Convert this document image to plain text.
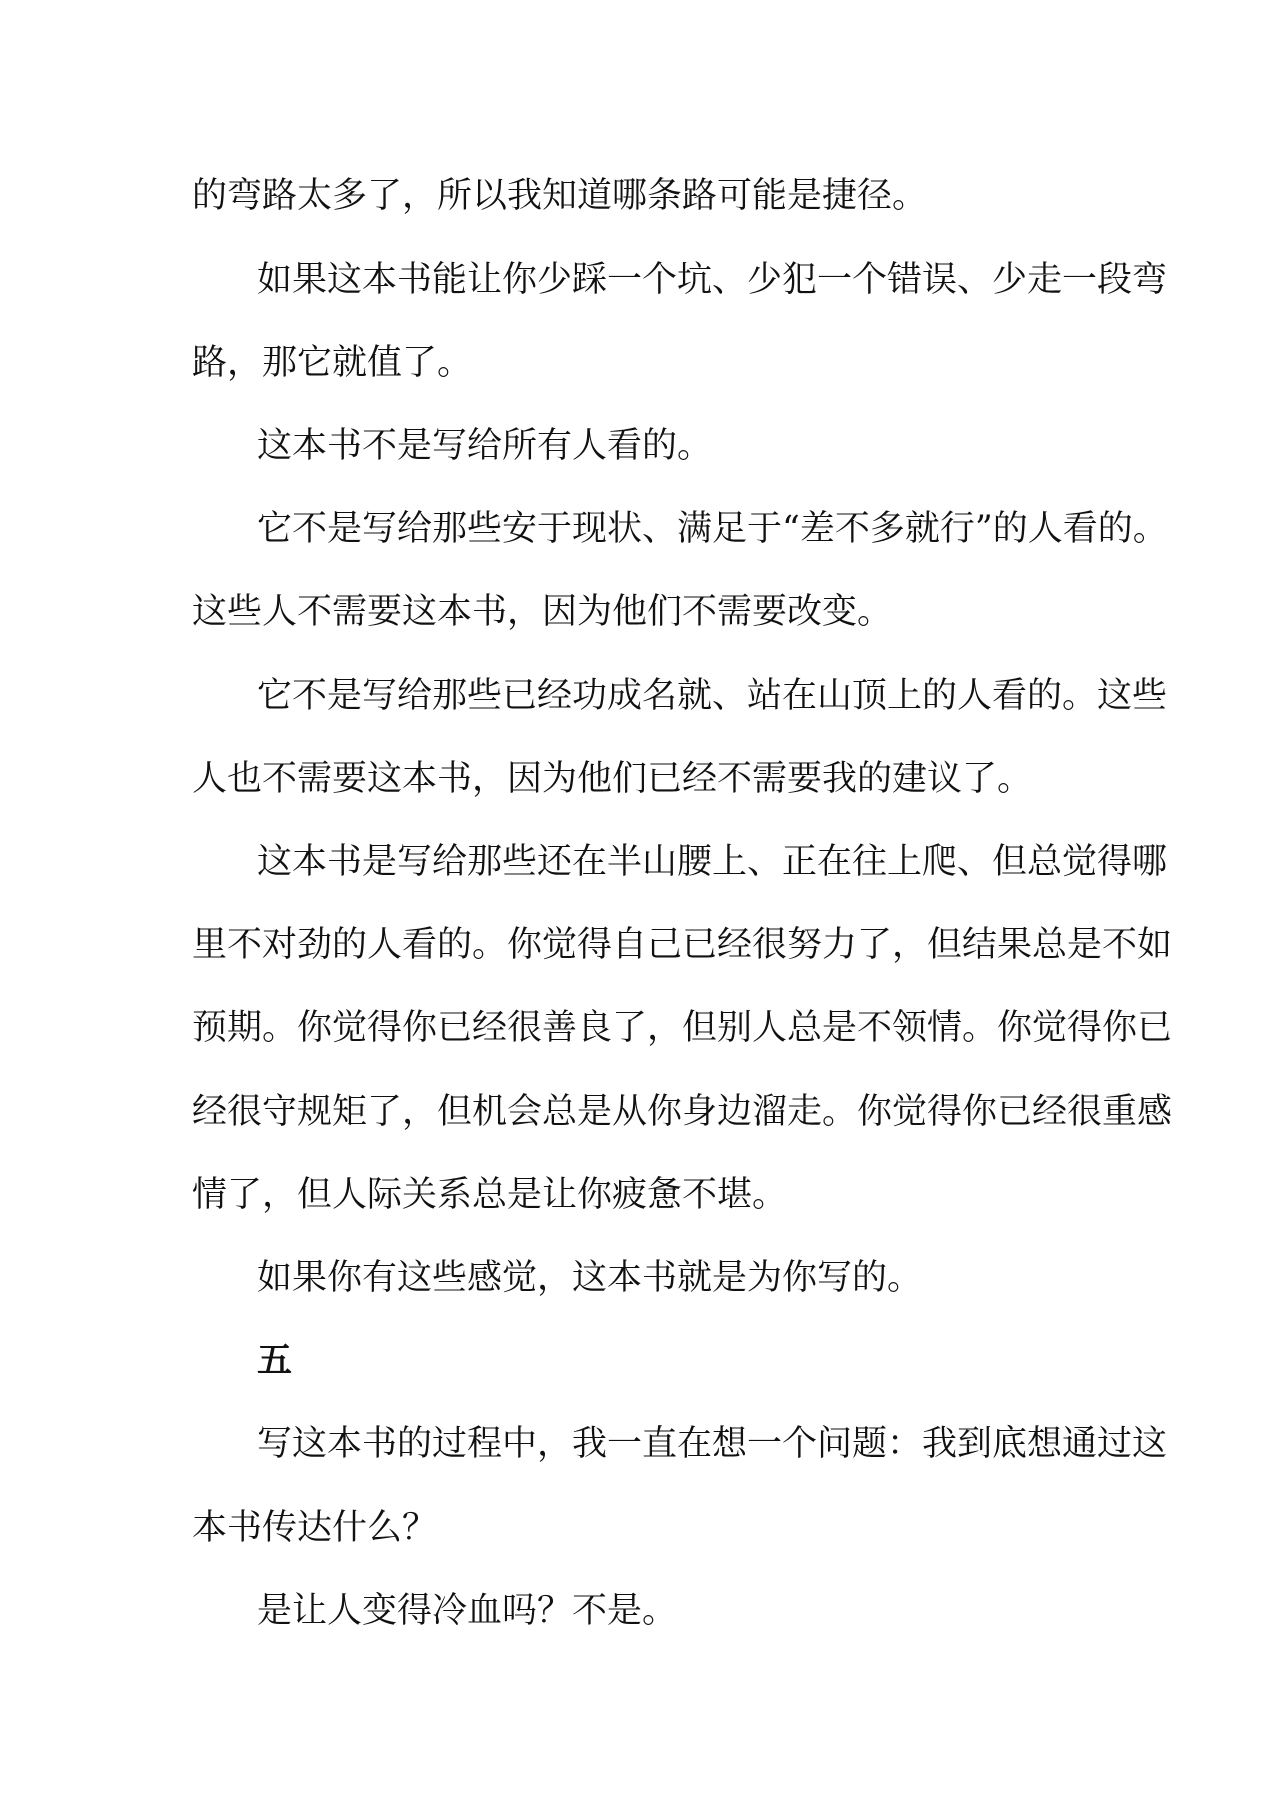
的弯路太多了，所以我知道哪条路可能是捷径。
如果这本书能让你少踩一个坑、少犯一个错误、少走一段弯
路，那它就值了。
这本书不是写给所有人看的。
它不是写给那些安于现状、满足于“差不多就行”的人看的。
这些人不需要这本书，因为他们不需要改变。
它不是写给那些已经功成名就、站在山顶上的人看的。这些
人也不需要这本书，因为他们已经不需要我的建议了。
这本书是写给那些还在半山腰上、正在往上爬、但总觉得哪
里不对劲的人看的。你觉得自己已经很努力了，但结果总是不如
预期。你觉得你已经很善良了，但别人总是不领情。你觉得你已
经很守规矩了，但机会总是从你身边溜走。你觉得你已经很重感
情了，但人际关系总是让你疲惫不堪。
如果你有这些感觉，这本书就是为你写的。
五
写这本书的过程中，我一直在想一个问题：我到底想通过这
本书传达什么？
是让人变得冷血吗？不是。
